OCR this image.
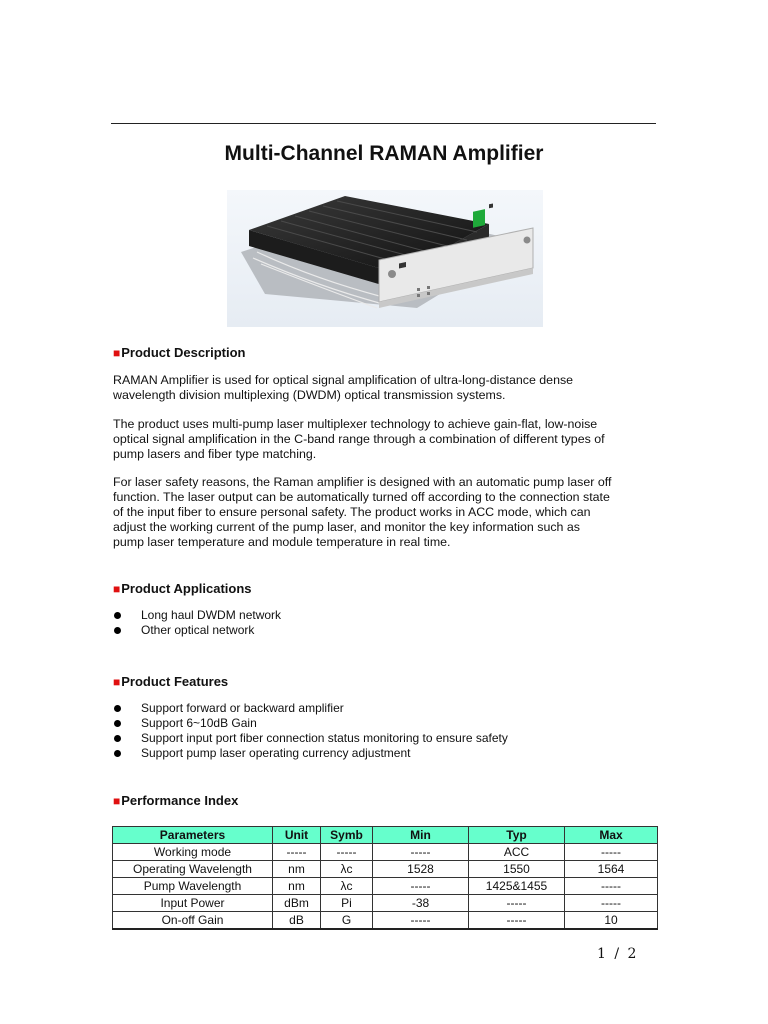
Multi-Channel RAMAN Amplifier
■Product Description
RAMAN Amplifier is used for optical signal amplification of ultra-long-distance dense
wavelength division multiplexing (DWDM) optical transmission systems.
The product uses multi-pump laser multiplexer technology to achieve gain-flat, low-noise
optical signal amplification in the C-band range through a combination of different types of
pump lasers and fiber type matching.
For laser safety reasons, the Raman amplifier is designed with an automatic pump laser off
function. The laser output can be automatically turned off according to the connection state
of the input fiber to ensure personal safety. The product works in ACC mode, which can
adjust the working current of the pump laser, and monitor the key information such as
pump laser temperature and module temperature in real time.
■Product Applications
Long haul DWDM network
Other optical network
■Product Features
Support forward or backward amplifier
Support 6~10dB Gain
Support input port fiber connection status monitoring to ensure safety
Support pump laser operating currency adjustment
■Performance Index
Parameters	Unit	Symb	Min	Typ	Max
Working mode	-----	-----	-----	ACC	-----
Operating Wavelength	nm	λc	1528	1550	1564
Pump Wavelength	nm	λc	-----	1425&1455	-----
Input Power	dBm	Pi	-38	-----	-----
On-off Gain	dB	G	-----	-----	10
1 / 2
